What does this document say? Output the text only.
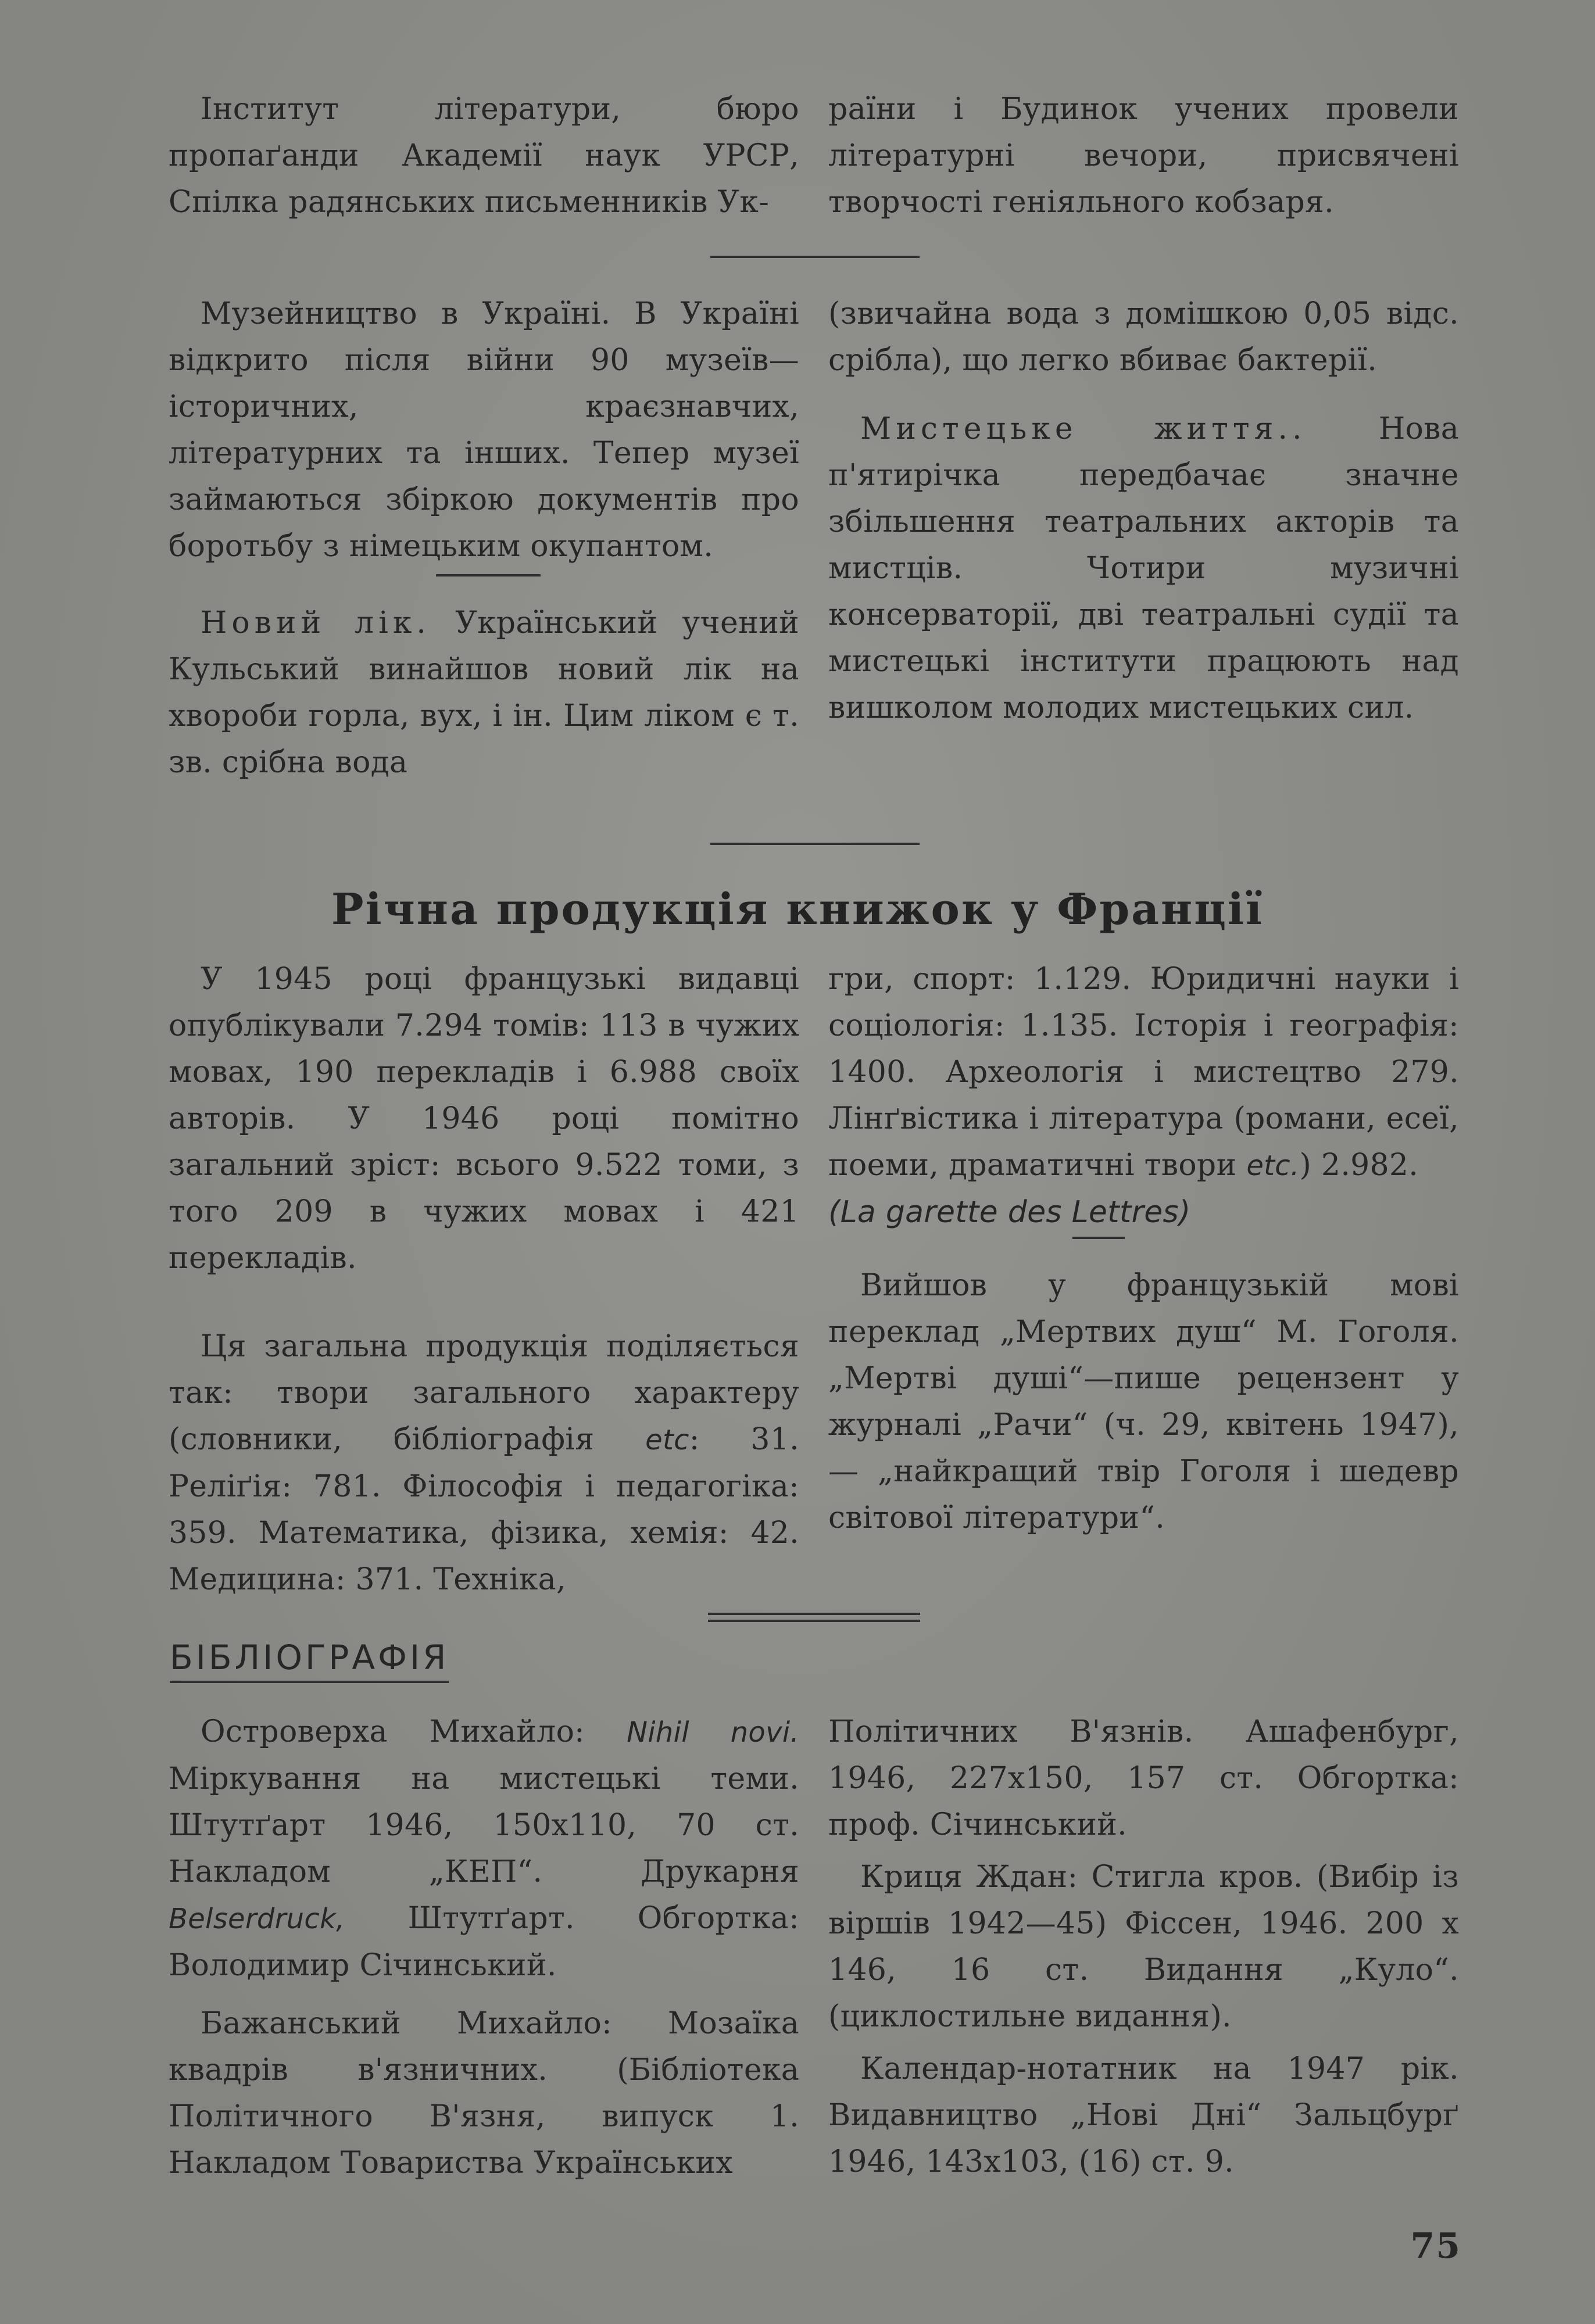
Інститут літератури, бюро пропаґанди Академії наук УРСР, Спілка радянських письменників Ук-

раїни і Будинок учених провели літературні вечори, присвячені творчості геніяльного кобзаря.

Музейництво в Україні. В Україні відкрито після війни 90 музеїв—історичних, краєзнавчих, літературних та інших. Тепер музеї займаються збіркою документів про боротьбу з німецьким окупантом.

Новий лік. Український учений Кульський винайшов новий лік на хвороби горла, вух, і ін. Цим ліком є т. зв. срібна вода

(звичайна вода з домішкою 0,05 відс. срібла), що легко вбиває бактерії.

Мистецьке життя.. Нова п'ятирічка передбачає значне збільшення театральних акторів та мистців. Чотири музичні консерваторії, дві театральні судії та мистецькі інститути працюють над вишколом молодих мистецьких сил.

Річна продукція книжок у Франції

У 1945 році французькі видавці опублікували 7.294 томів: 113 в чужих мовах, 190 перекладів і 6.988 своїх авторів. У 1946 році помітно загальний зріст: всього 9.522 томи, з того 209 в чужих мовах і 421 перекладів.

Ця загальна продукція поділяється так: твори загального характеру (словники, бібліографія etc: 31. Реліґія: 781. Філософія і педагогіка: 359. Математика, фізика, хемія: 42. Медицина: 371. Техніка,

гри, спорт: 1.129. Юридичні науки і соціологія: 1.135. Історія і географія: 1400. Археологія і мистецтво 279. Лінґвістика і література (романи, есеї, поеми, драматичні твори etc.) 2.982.

(La garette des Lettres)

Вийшов у французькій мові переклад „Мертвих душ“ М. Гоголя. „Мертві душі“—пише рецензент у журналі „Рачи“ (ч. 29, квітень 1947), — „найкращий твір Гоголя і шедевр світової літератури“.

БІБЛІОГРАФІЯ

Островерха Михайло: Nihil novi. Міркування на мистецькі теми. Штутґарт 1946, 150x110, 70 ст. Накладом „КЕП“. Друкарня Belserdruck, Штутґарт. Обгортка: Володимир Січинський.

Бажанський Михайло: Мозаїка квадрів в'язничних. (Бібліотека Політичного В'язня, випуск 1. Накладом Товариства Українських

Політичних В'язнів. Ашафенбург, 1946, 227x150, 157 ст. Обгортка: проф. Січинський.

Криця Ждан: Стигла кров. (Вибір із віршів 1942—45) Фіссен, 1946. 200 x 146, 16 ст. Видання „Куло“. (циклостильне видання).

Календар-нотатник на 1947 рік. Видавництво „Нові Дні“ Зальцбурґ 1946, 143x103, (16) ст. 9.

75
